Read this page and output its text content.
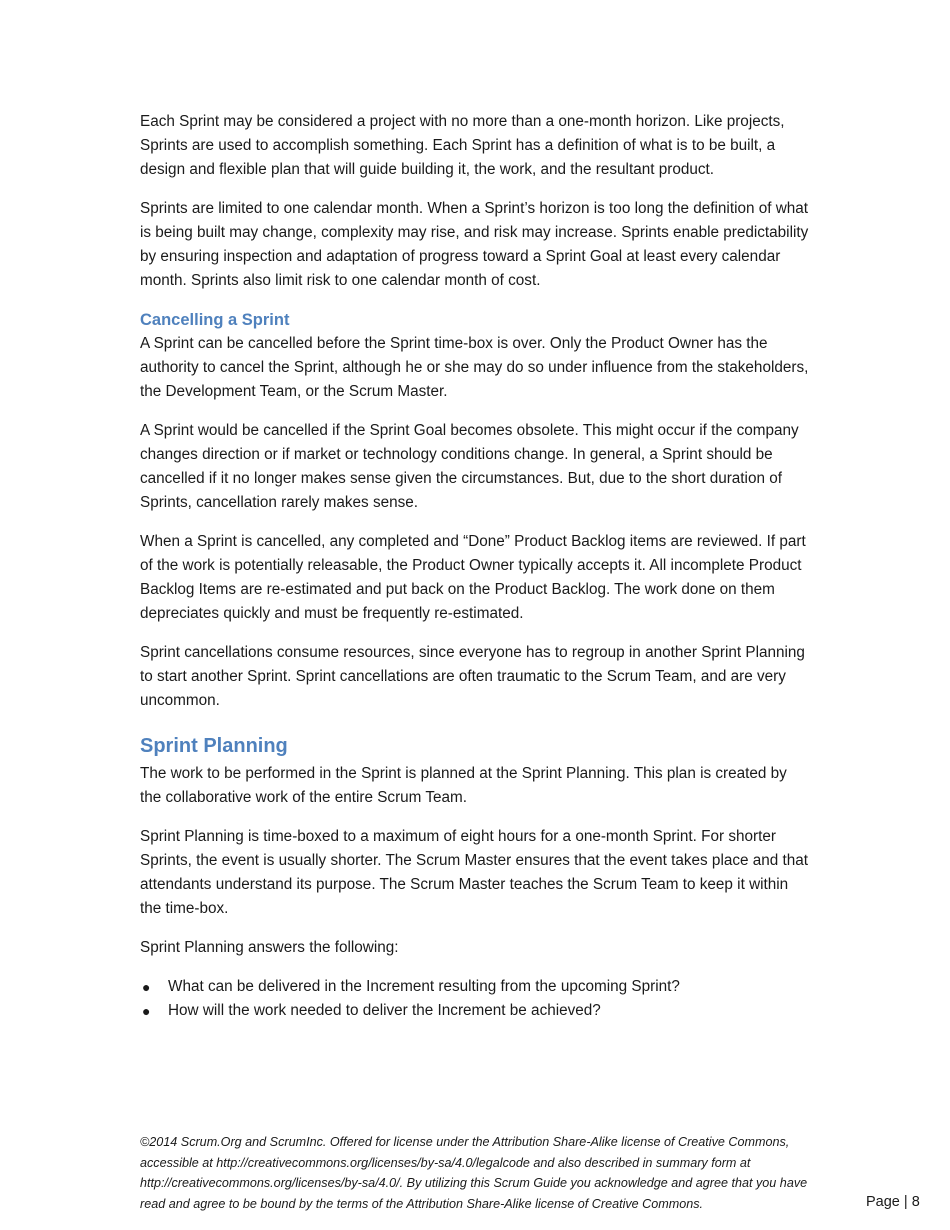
Each Sprint may be considered a project with no more than a one-month horizon. Like projects, Sprints are used to accomplish something. Each Sprint has a definition of what is to be built, a design and flexible plan that will guide building it, the work, and the resultant product.

Sprints are limited to one calendar month. When a Sprint’s horizon is too long the definition of what is being built may change, complexity may rise, and risk may increase. Sprints enable predictability by ensuring inspection and adaptation of progress toward a Sprint Goal at least every calendar month. Sprints also limit risk to one calendar month of cost.

Cancelling a Sprint

A Sprint can be cancelled before the Sprint time-box is over. Only the Product Owner has the authority to cancel the Sprint, although he or she may do so under influence from the stakeholders, the Development Team, or the Scrum Master.

A Sprint would be cancelled if the Sprint Goal becomes obsolete. This might occur if the company changes direction or if market or technology conditions change. In general, a Sprint should be cancelled if it no longer makes sense given the circumstances. But, due to the short duration of Sprints, cancellation rarely makes sense.

When a Sprint is cancelled, any completed and “Done” Product Backlog items are reviewed. If part of the work is potentially releasable, the Product Owner typically accepts it. All incomplete Product Backlog Items are re-estimated and put back on the Product Backlog. The work done on them depreciates quickly and must be frequently re-estimated.

Sprint cancellations consume resources, since everyone has to regroup in another Sprint Planning to start another Sprint. Sprint cancellations are often traumatic to the Scrum Team, and are very uncommon.

Sprint Planning

The work to be performed in the Sprint is planned at the Sprint Planning. This plan is created by the collaborative work of the entire Scrum Team.

Sprint Planning is time-boxed to a maximum of eight hours for a one-month Sprint. For shorter Sprints, the event is usually shorter. The Scrum Master ensures that the event takes place and that attendants understand its purpose. The Scrum Master teaches the Scrum Team to keep it within the time-box.

Sprint Planning answers the following:

● What can be delivered in the Increment resulting from the upcoming Sprint?
● How will the work needed to deliver the Increment be achieved?
©2014 Scrum.Org and ScrumInc. Offered for license under the Attribution Share-Alike license of Creative Commons, accessible at http://creativecommons.org/licenses/by-sa/4.0/legalcode and also described in summary form at http://creativecommons.org/licenses/by-sa/4.0/. By utilizing this Scrum Guide you acknowledge and agree that you have read and agree to be bound by the terms of the Attribution Share-Alike license of Creative Commons.	Page | 8
